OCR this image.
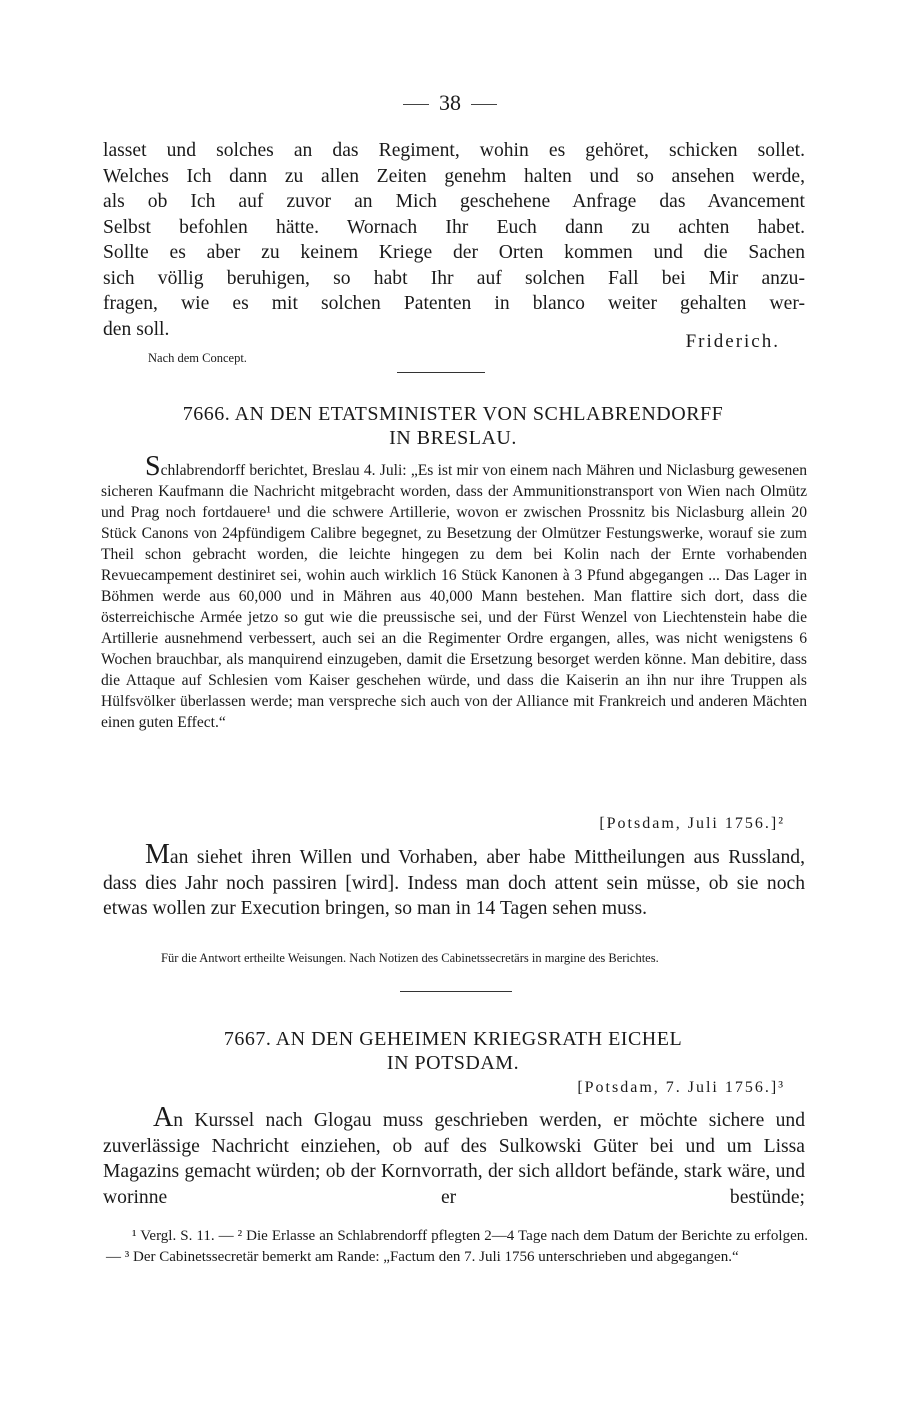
38
lasset und solches an das Regiment, wohin es gehöret, schicken sollet.
Welches Ich dann zu allen Zeiten genehm halten und so ansehen werde,
als ob Ich auf zuvor an Mich geschehene Anfrage das Avancement
Selbst befohlen hätte. Wornach Ihr Euch dann zu achten habet.
Sollte es aber zu keinem Kriege der Orten kommen und die Sachen
sich völlig beruhigen, so habt Ihr auf solchen Fall bei Mir anzu-
fragen, wie es mit solchen Patenten in blanco weiter gehalten wer-
den soll.
Friderich.
Nach dem Concept.
7666. AN DEN ETATSMINISTER VON SCHLABRENDORFF
IN BRESLAU.

Schlabrendorff berichtet, Breslau 4. Juli: „Es ist mir von einem nach Mähren und Niclasburg gewesenen sicheren Kaufmann die Nachricht mitgebracht worden, dass der Ammunitionstransport von Wien nach Olmütz und Prag noch fortdauere¹ und die schwere Artillerie, wovon er zwischen Prossnitz bis Niclasburg allein 20 Stück Canons von 24pfündigem Calibre begegnet, zu Besetzung der Olmützer Festungswerke, worauf sie zum Theil schon gebracht worden, die leichte hingegen zu dem bei Kolin nach der Ernte vorhabenden Revuecampement destiniret sei, wohin auch wirklich 16 Stück Kanonen à 3 Pfund abgegangen ... Das Lager in Böhmen werde aus 60,000 und in Mähren aus 40,000 Mann bestehen. Man flattire sich dort, dass die österreichische Armée jetzo so gut wie die preussische sei, und der Fürst Wenzel von Liechtenstein habe die Artillerie ausnehmend verbessert, auch sei an die Regimenter Ordre ergangen, alles, was nicht wenigstens 6 Wochen brauchbar, als manquirend einzugeben, damit die Ersetzung besorget werden könne. Man debitire, dass die Attaque auf Schlesien vom Kaiser geschehen würde, und dass die Kaiserin an ihn nur ihre Truppen als Hülfsvölker überlassen werde; man verspreche sich auch von der Alliance mit Frankreich und anderen Mächten einen guten Effect.“

[Potsdam, Juli 1756.]²

Man siehet ihren Willen und Vorhaben, aber habe Mittheilungen aus Russland, dass dies Jahr noch passiren [wird]. Indess man doch attent sein müsse, ob sie noch etwas wollen zur Execution bringen, so man in 14 Tagen sehen muss.

Für die Antwort ertheilte Weisungen. Nach Notizen des Cabinetssecretärs in margine des Berichtes.

7667. AN DEN GEHEIMEN KRIEGSRATH EICHEL
IN POTSDAM.
[Potsdam, 7. Juli 1756.]³

An Kurssel nach Glogau muss geschrieben werden, er möchte sichere und zuverlässige Nachricht einziehen, ob auf des Sulkowski Güter bei und um Lissa Magazins gemacht würden; ob der Kornvorrath, der sich alldort befände, stark wäre, und worinne er bestünde;

¹ Vergl. S. 11. — ² Die Erlasse an Schlabrendorff pflegten 2—4 Tage nach dem Datum der Berichte zu erfolgen. — ³ Der Cabinetssecretär bemerkt am Rande: „Factum den 7. Juli 1756 unterschrieben und abgegangen.“
